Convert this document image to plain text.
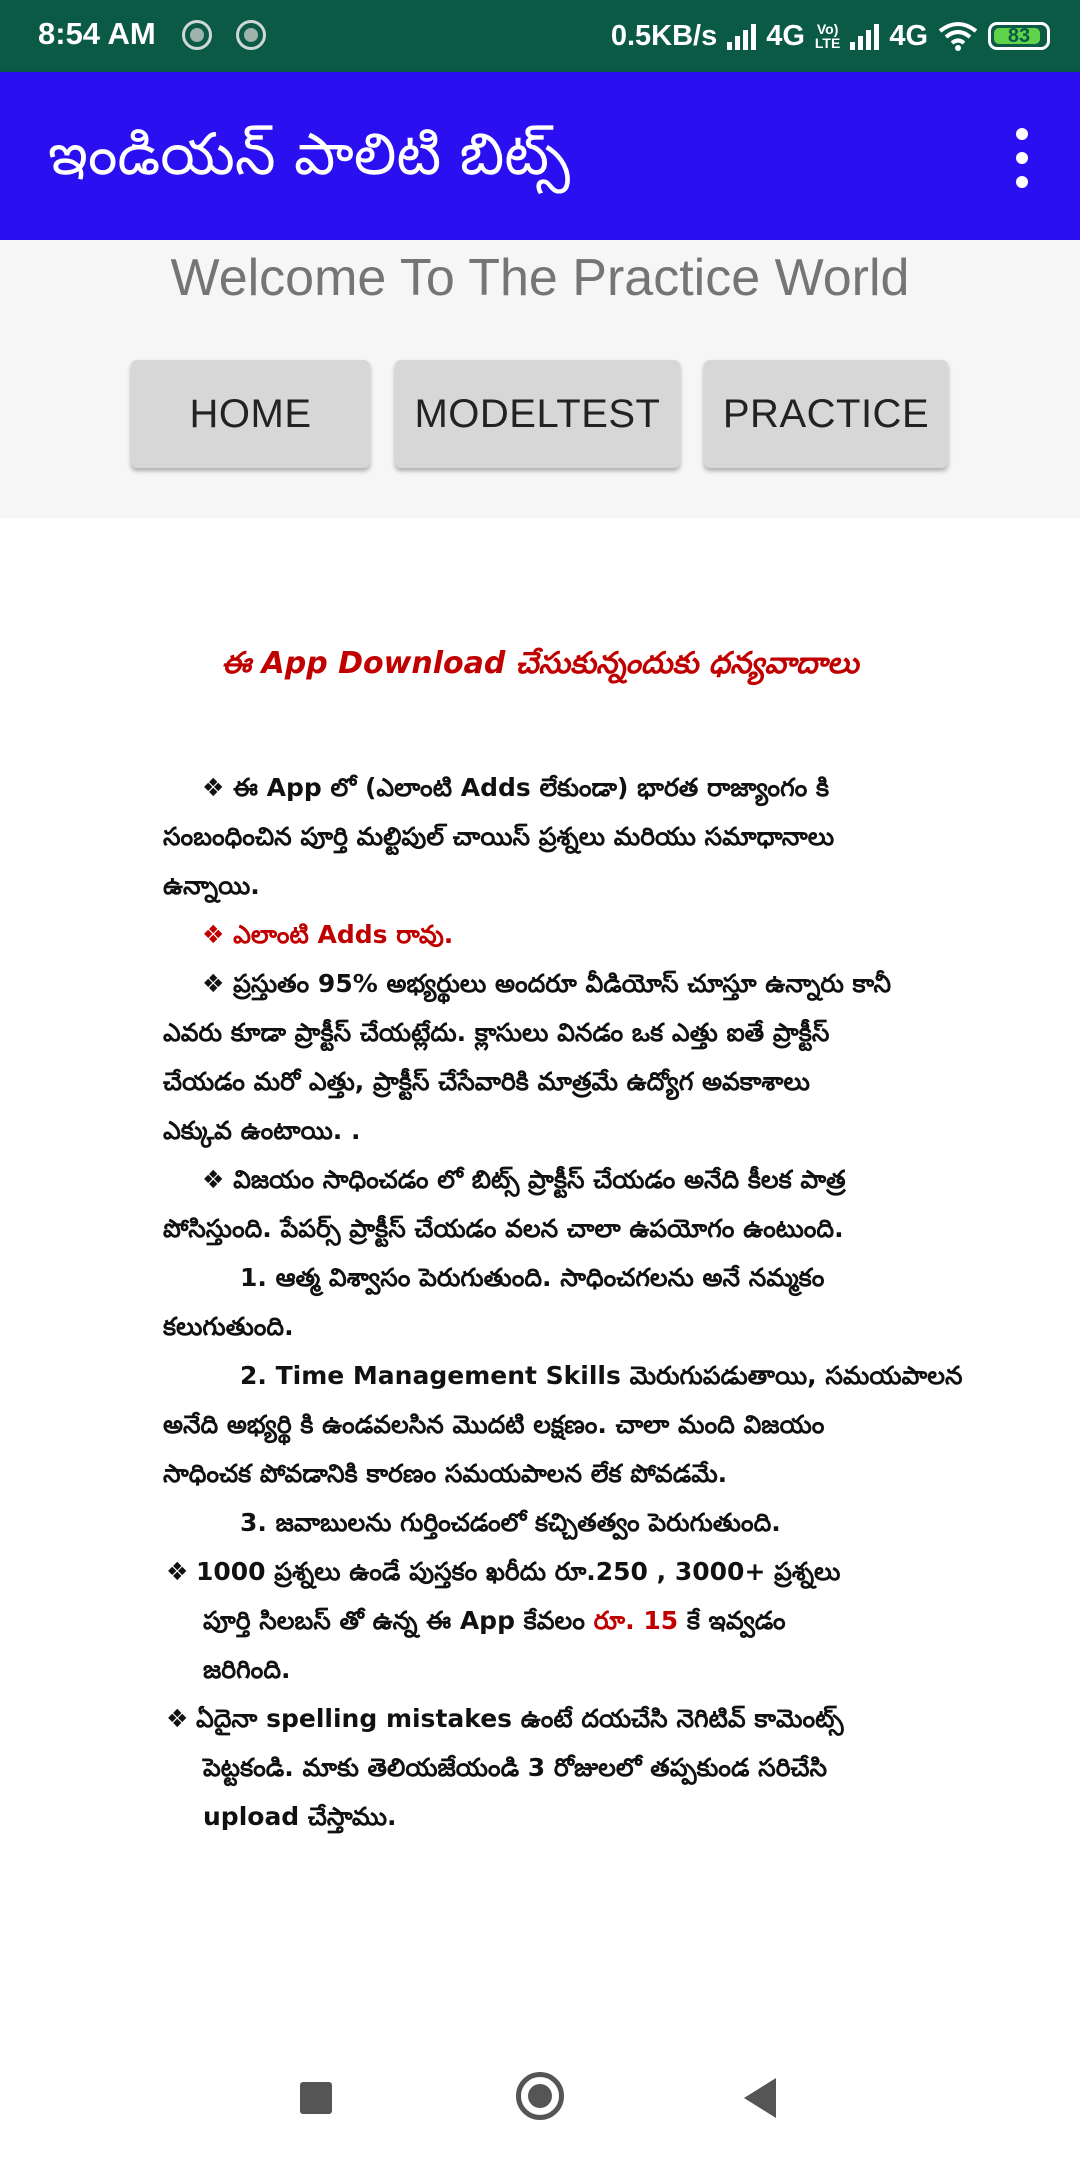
8:54 AM	0.5KB/s 4G Vo)
LTE 4G	83
ఇండియన్ పాలిటి బిట్స్
Welcome To The Practice World
HOME	MODELTEST	PRACTICE
ఈ App Download చేసుకున్నందుకు ధన్యవాదాలు
❖ ఈ App లో (ఎలాంటి Adds లేకుండా) భారత రాజ్యాంగం కి
సంబంధించిన పూర్తి మల్టిపుల్ చాయిస్ ప్రశ్నలు మరియు సమాధానాలు
ఉన్నాయి.
❖ ఎలాంటి Adds రావు.
❖ ప్రస్తుతం 95% అభ్యర్థులు అందరూ వీడియోస్ చూస్తూ ఉన్నారు కానీ
ఎవరు కూడా ప్రాక్టీస్ చేయట్లేదు. క్లాసులు వినడం ఒక ఎత్తు ఐతే ప్రాక్టీస్
చేయడం మరో ఎత్తు, ప్రాక్టీస్ చేసేవారికి మాత్రమే ఉద్యోగ అవకాశాలు
ఎక్కువ ఉంటాయి. .
❖ విజయం సాధించడం లో బిట్స్ ప్రాక్టీస్ చేయడం అనేది కీలక పాత్ర
పోసిస్తుంది. పేపర్స్ ప్రాక్టీస్ చేయడం వలన చాలా ఉపయోగం ఉంటుంది.
1. ఆత్మ విశ్వాసం పెరుగుతుంది. సాధించగలను అనే నమ్మకం
కలుగుతుంది.
2. Time Management Skills మెరుగుపడుతాయి, సమయపాలన
అనేది అభ్యర్థి కి ఉండవలసిన మొదటి లక్షణం. చాలా మంది విజయం
సాధించక పోవడానికి కారణం సమయపాలన లేక పోవడమే.
3. జవాబులను గుర్తించడంలో కచ్చితత్వం పెరుగుతుంది.
❖ 1000 ప్రశ్నలు ఉండే పుస్తకం ఖరీదు రూ.250 , 3000+ ప్రశ్నలు
పూర్తి సిలబస్ తో ఉన్న ఈ App కేవలం రూ. 15 కే ఇవ్వడం
జరిగింది.
❖ ఏదైనా spelling mistakes ఉంటే దయచేసి నెగిటివ్ కామెంట్స్
పెట్టకండి. మాకు తెలియజేయండి 3 రోజులలో తప్పకుండ సరిచేసి
upload చేస్తాము.
